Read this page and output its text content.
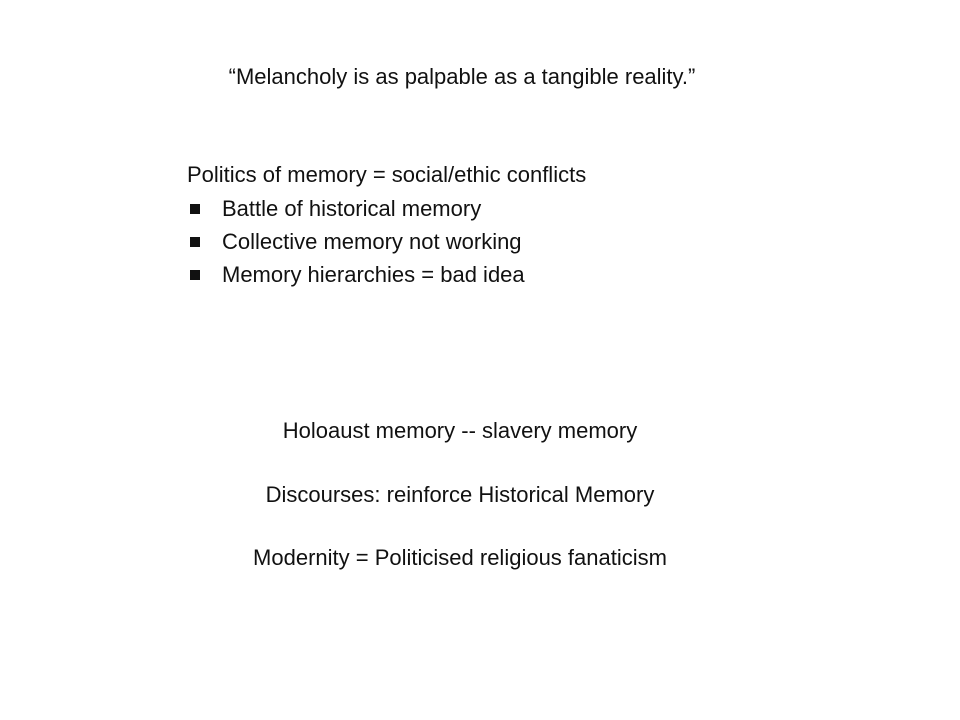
“Melancholy is as palpable as a tangible reality.”
Politics of memory = social/ethic conflicts
Battle of historical memory
Collective memory not working
Memory hierarchies = bad idea
Holoaust memory -- slavery memory
Discourses: reinforce Historical Memory
Modernity = Politicised religious fanaticism
